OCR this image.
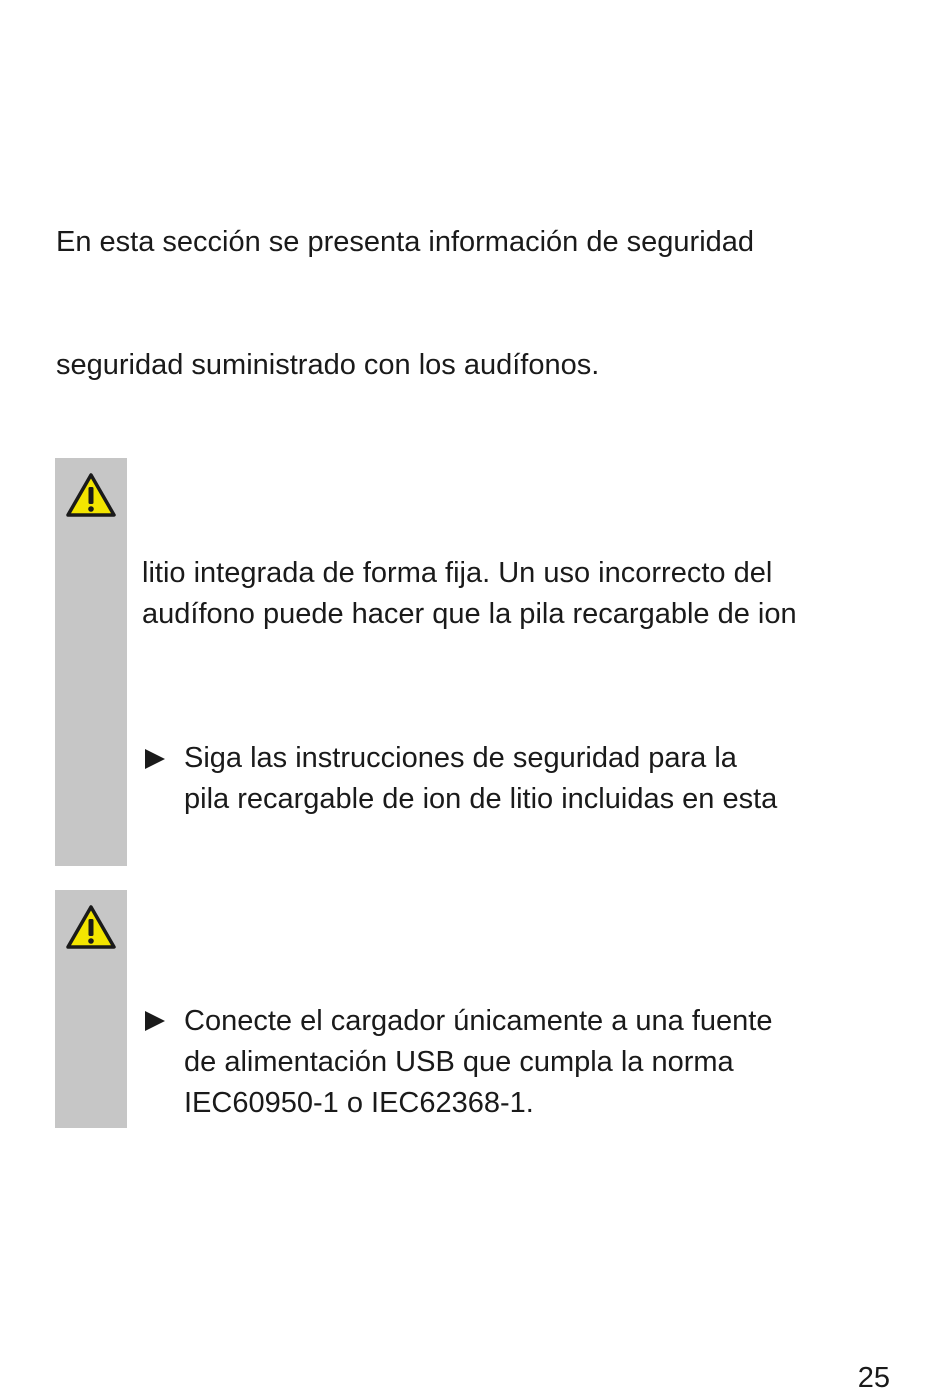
En esta sección se presenta información de seguridad
seguridad suministrado con los audífonos.
litio integrada de forma fija. Un uso incorrecto del
audífono puede hacer que la pila recargable de ion
Siga las instrucciones de seguridad para la
pila recargable de ion de litio incluidas en esta
Conecte el cargador únicamente a una fuente
de alimentación USB que cumpla la norma
IEC60950-1 o IEC62368-1.
25
